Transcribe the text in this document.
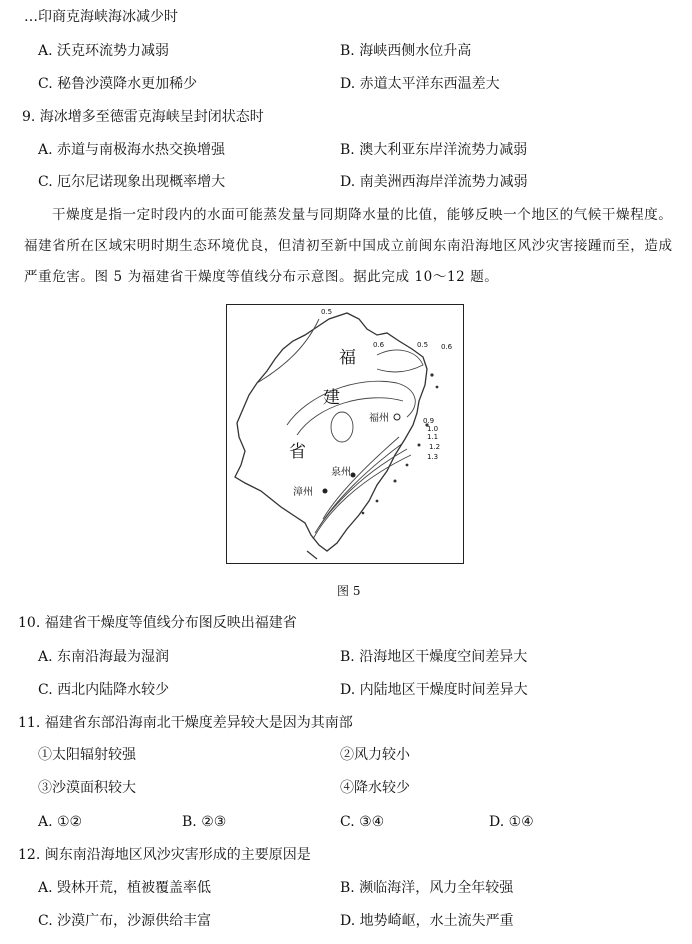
…印商克海峡海冰减少时
A. 沃克环流势力减弱	B. 海峡西侧水位升高
C. 秘鲁沙漠降水更加稀少	D. 赤道太平洋东西温差大
9. 海冰增多至德雷克海峡呈封闭状态时
A. 赤道与南极海水热交换增强	B. 澳大利亚东岸洋流势力减弱
C. 厄尔尼诺现象出现概率增大	D. 南美洲西海岸洋流势力减弱
干燥度是指一定时段内的水面可能蒸发量与同期降水量的比值，能够反映一个地区的气候干燥程度。福建省所在区域宋明时期生态环境优良，但清初至新中国成立前闽东南沿海地区风沙灾害接踵而至，造成严重危害。图 5 为福建省干燥度等值线分布示意图。据此完成 10～12 题。
福
建
省
福州
泉州
漳州
0.5
0.6	0.5 0.6
0.9
1.0
1.1
1.2
1.3
图 5
10. 福建省干燥度等值线分布图反映出福建省
A. 东南沿海最为湿润	B. 沿海地区干燥度空间差异大
C. 西北内陆降水较少	D. 内陆地区干燥度时间差异大
11. 福建省东部沿海南北干燥度差异较大是因为其南部
①太阳辐射较强	②风力较小
③沙漠面积较大	④降水较少
A. ①②	B. ②③	C. ③④	D. ①④
12. 闽东南沿海地区风沙灾害形成的主要原因是
A. 毁林开荒，植被覆盖率低	B. 濒临海洋，风力全年较强
C. 沙漠广布，沙源供给丰富	D. 地势崎岖，水土流失严重
